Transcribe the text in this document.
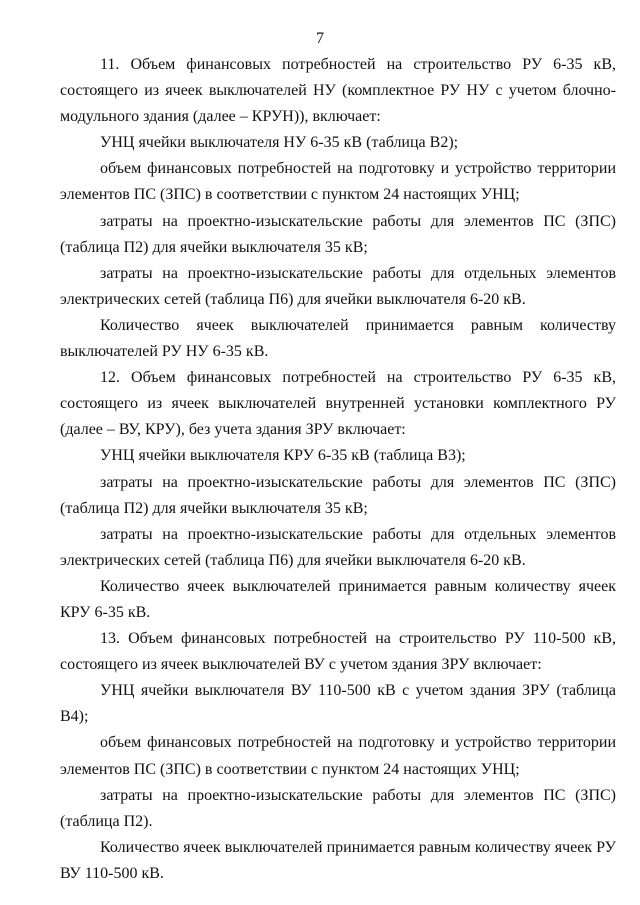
7

11. Объем финансовых потребностей на строительство РУ 6-35 кВ, состоящего из ячеек выключателей НУ (комплектное РУ НУ с учетом блочно-модульного здания (далее – КРУН)), включает:

УНЦ ячейки выключателя НУ 6-35 кВ (таблица В2);

объем финансовых потребностей на подготовку и устройство территории элементов ПС (ЗПС) в соответствии с пунктом 24 настоящих УНЦ;

затраты на проектно-изыскательские работы для элементов ПС (ЗПС) (таблица П2) для ячейки выключателя 35 кВ;

затраты на проектно-изыскательские работы для отдельных элементов электрических сетей (таблица П6) для ячейки выключателя 6-20 кВ.

Количество ячеек выключателей принимается равным количеству выключателей РУ НУ 6-35 кВ.

12. Объем финансовых потребностей на строительство РУ 6-35 кВ, состоящего из ячеек выключателей внутренней установки комплектного РУ (далее – ВУ, КРУ), без учета здания ЗРУ включает:

УНЦ ячейки выключателя КРУ 6-35 кВ (таблица В3);

затраты на проектно-изыскательские работы для элементов ПС (ЗПС) (таблица П2) для ячейки выключателя 35 кВ;

затраты на проектно-изыскательские работы для отдельных элементов электрических сетей (таблица П6) для ячейки выключателя 6-20 кВ.

Количество ячеек выключателей принимается равным количеству ячеек КРУ 6-35 кВ.

13. Объем финансовых потребностей на строительство РУ 110-500 кВ, состоящего из ячеек выключателей ВУ с учетом здания ЗРУ включает:

УНЦ ячейки выключателя ВУ 110-500 кВ с учетом здания ЗРУ (таблица В4);

объем финансовых потребностей на подготовку и устройство территории элементов ПС (ЗПС) в соответствии с пунктом 24 настоящих УНЦ;

затраты на проектно-изыскательские работы для элементов ПС (ЗПС) (таблица П2).

Количество ячеек выключателей принимается равным количеству ячеек РУ ВУ 110-500 кВ.
